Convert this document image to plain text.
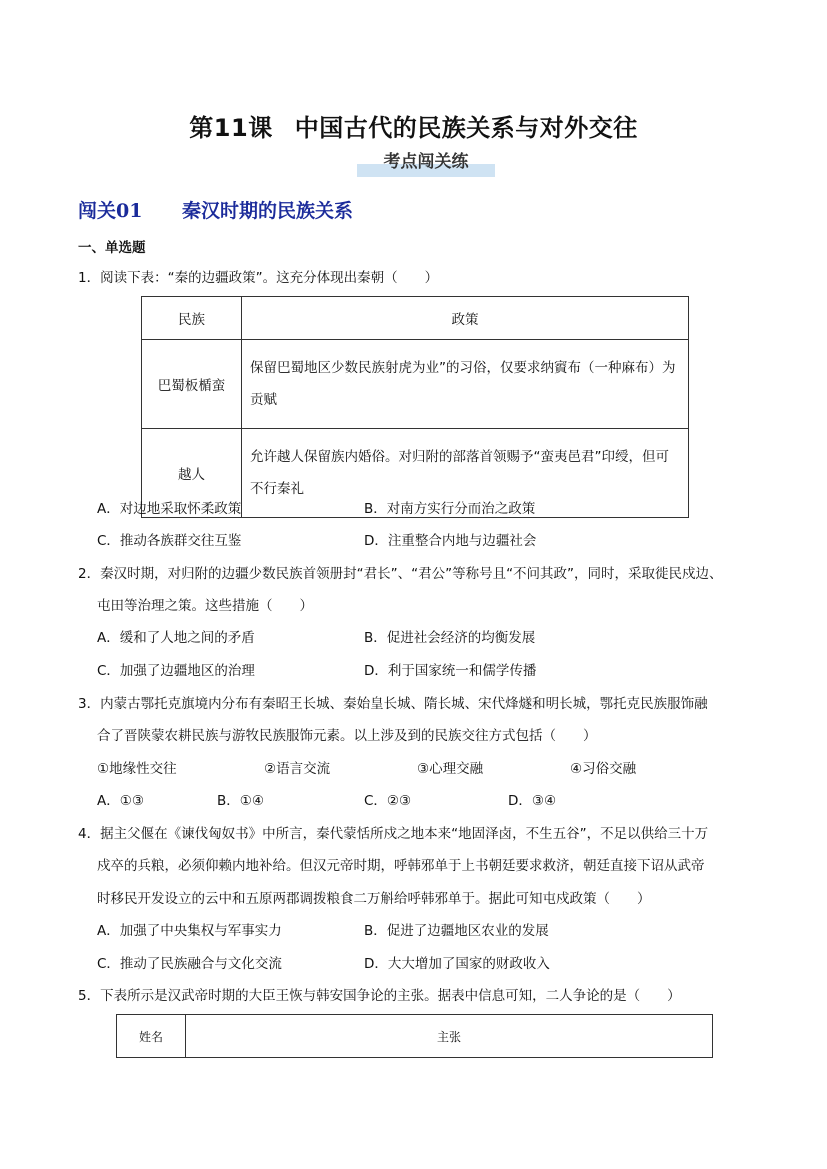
第11课 中国古代的民族关系与对外交往
考点闯关练
闯关01 秦汉时期的民族关系
一、单选题
1．阅读下表：“秦的边疆政策”。这充分体现出秦朝（　　）
民族	政策
巴蜀板楯蛮	保留巴蜀地区少数民族射虎为业”的习俗，仅要求纳賨布（一种麻布）为贡赋
越人	允许越人保留族内婚俗。对归附的部落首领赐予“蛮夷邑君”印绶，但可不行秦礼
A．对边地采取怀柔政策	B．对南方实行分而治之政策
C．推动各族群交往互鉴	D．注重整合内地与边疆社会
2．秦汉时期，对归附的边疆少数民族首领册封“君长”、“君公”等称号且“不问其政”，同时，采取徙民戍边、
屯田等治理之策。这些措施（　　）
A．缓和了人地之间的矛盾	B．促进社会经济的均衡发展
C．加强了边疆地区的治理	D．利于国家统一和儒学传播
3．内蒙古鄂托克旗境内分布有秦昭王长城、秦始皇长城、隋长城、宋代烽燧和明长城，鄂托克民族服饰融
合了晋陕蒙农耕民族与游牧民族服饰元素。以上涉及到的民族交往方式包括（　　）
①地缘性交往	②语言交流	③心理交融	④习俗交融
A．①③	B．①④	C．②③	D．③④
4．据主父偃在《谏伐匈奴书》中所言，秦代蒙恬所戍之地本来“地固泽卤，不生五谷”，不足以供给三十万
戍卒的兵粮，必须仰赖内地补给。但汉元帝时期，呼韩邪单于上书朝廷要求救济，朝廷直接下诏从武帝
时移民开发设立的云中和五原两郡调拨粮食二万斛给呼韩邪单于。据此可知屯戍政策（　　）
A．加强了中央集权与军事实力	B．促进了边疆地区农业的发展
C．推动了民族融合与文化交流	D．大大增加了国家的财政收入
5．下表所示是汉武帝时期的大臣王恢与韩安国争论的主张。据表中信息可知，二人争论的是（　　）
姓名	主张
